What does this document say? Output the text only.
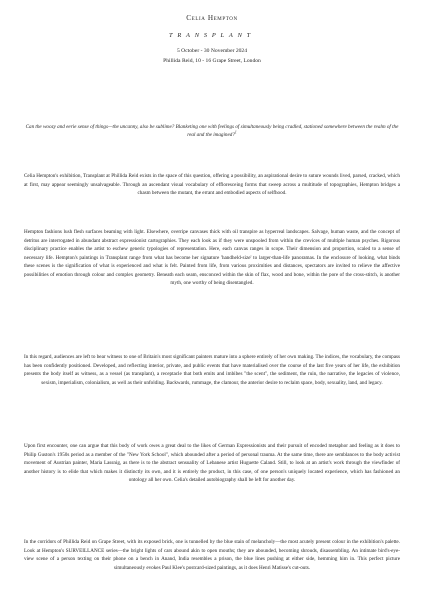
Celia Hempton
TRANSPLANT
5 October - 30 November 2024
Phillida Reid, 10 - 16 Grape Street, London
Can the woozy and eerie sense of things—the uncanny, also be sublime? Blanketing one with feelings of simultaneously being cradled, stationed somewhere between the realm of the real and the imagined?$^1$

Celia Hempton's exhibition, Transplant at Phillida Reid exists in the space of this question, offering a possibility, an aspirational desire to suture wounds lived, parsed, cracked, which at first, may appear seemingly unsalvageable. Through an ascendant visual vocabulary of effloresceing forms that sweep across a multitude of topographies, Hempton bridges a chasm between the mutant, the errant and embodied aspects of selfhood.

Hempton fashions lush flesh surfaces beaming with light. Elsewhere, overripe canvases thick with oil transpire as hyperreal landscapes. Salvage, human waste, and the concept of detritus are interrogated in abundant abstract expressionist cartographies. They each look as if they were unspooled from within the crevices of multiple human psyches. Rigorous disciplinary practice enables the artist to eschew generic typologies of representation. Here, each canvas ranges in scope. Their dimension and proportion, scaled to a sense of necessary life. Hempton's paintings in Transplant range from what has become her signature 'handheld-size' to larger-than-life panoramas. In the enclosure of looking, what binds these scenes is the signification of what is experienced and what is felt. Painted from life, from various proximities and distances, spectators are invited to relieve the affective possibilities of emotion through colour and complex geometry. Beneath each seam, ensconced within the skin of flax, wood and bone, within the pore of the cross-stitch, is another myth, one worthy of being disentangled.

In this regard, audiences are left to bear witness to one of Britain's most significant painters mature into a sphere entirely of her own making. The indices, the vocabulary, the compass has been confidently positioned. Developed, and reflecting interior, private, and public events that have materialised over the course of the last five years of her life, the exhibition presents the body itself as witness, as a vessel (as transplant), a receptacle that both emits and imbibes "the scent", the sediment, the ruin, the narrative, the legacies of violence, sexism, imperialism, colonialism, as well as their unfolding. Backwards, rummage, the clamour, the anterior desire to reclaim space, body, sexuality, land, and legacy.

Upon first encounter, one can argue that this body of work owes a great deal to the likes of German Expressionists and their pursuit of encoded metaphor and feeling as it does to Philip Guston's 1950s period as a member of the "New York School", which abounded after a period of personal trauma. At the same time, there are semblances to the body activist movement of Austrian painter, Maria Lassnig, as there is to the abstract sensuality of Lebanese artist Huguette Caland. Still, to look at an artist's work through the viewfinder of another history is to elide that which makes it distinctly its own, and it is entirely the product, in this case, of one person's uniquely located experience, which has fashioned an ontology all her own. Celia's detailed autobiography shall be left for another day.

In the corridors of Phillida Reid on Grape Street, with its exposed brick, one is tunnelled by the blue stain of melancholy—the most acutely present colour in the exhibition's palette. Look at Hempton's SURVEILLANCE series—the bright lights of cars abound akin to open mouths; they are abounded, becoming shrouds, disassembling. An intimate bird's-eye-view scene of a person texting on their phone on a bench in Anand, India resembles a prison, the blue lines pushing at either side, hemming him in. This perfect picture simultaneously evokes Paul Klee's postcard-sized paintings, as it does Henri Matisse's cut-outs.
